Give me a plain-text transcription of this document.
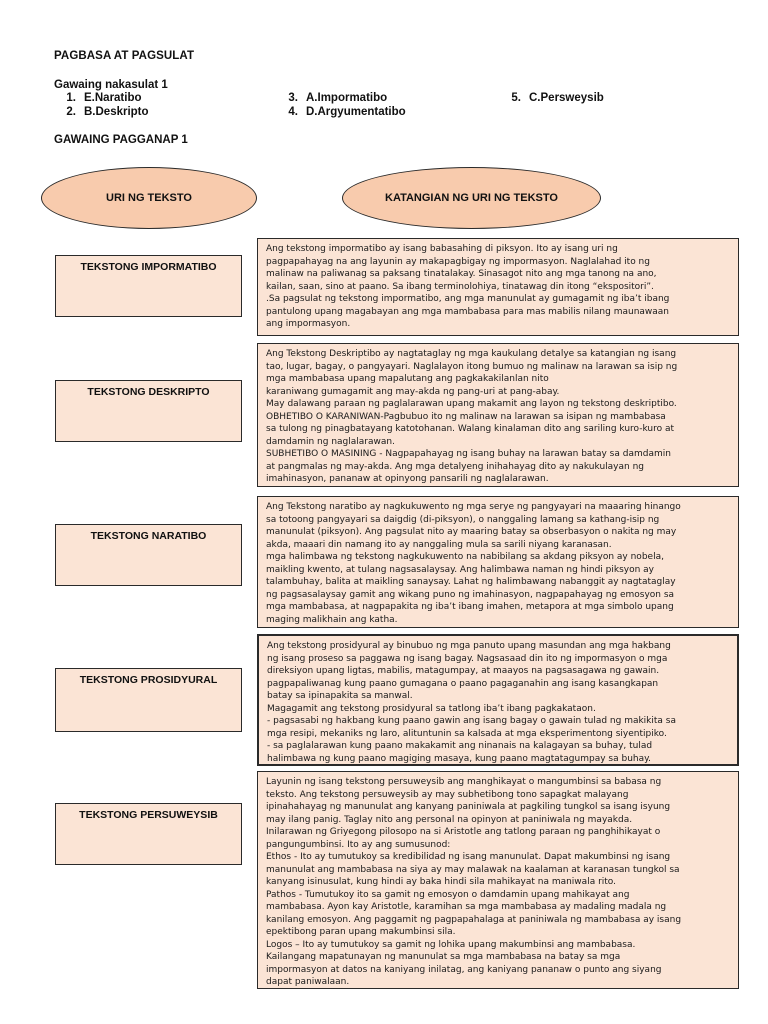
PAGBASA AT PAGSULAT
Gawaing nakasulat 1
1. E.Naratibo
2. B.Deskripto
3. A.Impormatibo
4. D.Argyumentatibo
5. C.Persweysib
GAWAING PAGGANAP 1
URI NG TEKSTO	KATANGIAN NG URI NG TEKSTO
TEKSTONG IMPORMATIBO

Ang tekstong impormatibo ay isang babasahing di piksyon. Ito ay isang uri ng

pagpapahayag na ang layunin ay makapagbigay ng impormasyon. Naglalahad ito ng

malinaw na paliwanag sa paksang tinatalakay. Sinasagot nito ang mga tanong na ano,

kailan, saan, sino at paano. Sa ibang terminolohiya, tinatawag din itong “ekspositori”.

.Sa pagsulat ng tekstong impormatibo, ang mga manunulat ay gumagamit ng iba’t ibang

pantulong upang magabayan ang mga mambabasa para mas mabilis nilang maunawaan

ang impormasyon.

TEKSTONG DESKRIPTO

Ang Tekstong Deskriptibo ay nagtataglay ng mga kaukulang detalye sa katangian ng isang

tao, lugar, bagay, o pangyayari. Naglalayon itong bumuo ng malinaw na larawan sa isip ng

mga mambabasa upang mapalutang ang pagkakakilanlan nito

karaniwang gumagamit ang may-akda ng pang-uri at pang-abay.

May dalawang paraan ng paglalarawan upang makamit ang layon ng tekstong deskriptibo.

OBHETIBO O KARANIWAN-Pagbubuo ito ng malinaw na larawan sa isipan ng mambabasa

sa tulong ng pinagbatayang katotohanan. Walang kinalaman dito ang sariling kuro-kuro at

damdamin ng naglalarawan.

SUBHETIBO O MASINING - Nagpapahayag ng isang buhay na larawan batay sa damdamin

at pangmalas ng may-akda. Ang mga detalyeng inihahayag dito ay nakukulayan ng

imahinasyon, pananaw at opinyong pansarili ng naglalarawan.

TEKSTONG NARATIBO

Ang Tekstong naratibo ay nagkukuwento ng mga serye ng pangyayari na maaaring hinango

sa totoong pangyayari sa daigdig (di-piksyon), o nanggaling lamang sa kathang-isip ng

manunulat (piksyon). Ang pagsulat nito ay maaring batay sa obserbasyon o nakita ng may

akda, maaari din namang ito ay nanggaling mula sa sarili niyang karanasan.

mga halimbawa ng tekstong nagkukuwento na nabibilang sa akdang piksyon ay nobela,

maikling kwento, at tulang nagsasalaysay. Ang halimbawa naman ng hindi piksyon ay

talambuhay, balita at maikling sanaysay. Lahat ng halimbawang nabanggit ay nagtataglay

ng pagsasalaysay gamit ang wikang puno ng imahinasyon, nagpapahayag ng emosyon sa

mga mambabasa, at nagpapakita ng iba’t ibang imahen, metapora at mga simbolo upang

maging malikhain ang katha.

TEKSTONG PROSIDYURAL

Ang tekstong prosidyural ay binubuo ng mga panuto upang masundan ang mga hakbang

ng isang proseso sa paggawa ng isang bagay. Nagsasaad din ito ng impormasyon o mga

direksiyon upang ligtas, mabilis, matagumpay, at maayos na pagsasagawa ng gawain.

pagpapaliwanag kung paano gumagana o paano pagaganahin ang isang kasangkapan

batay sa ipinapakita sa manwal.

Magagamit ang tekstong prosidyural sa tatlong iba’t ibang pagkakataon.

- pagsasabi ng hakbang kung paano gawin ang isang bagay o gawain tulad ng makikita sa

mga resipi, mekaniks ng laro, alituntunin sa kalsada at mga eksperimentong siyentipiko.

- sa paglalarawan kung paano makakamit ang ninanais na kalagayan sa buhay, tulad

halimbawa ng kung paano magiging masaya, kung paano magtatagumpay sa buhay.

TEKSTONG PERSUWEYSIB

Layunin ng isang tekstong persuweysib ang manghikayat o mangumbinsi sa babasa ng

teksto. Ang tekstong persuweysib ay may subhetibong tono sapagkat malayang

ipinahahayag ng manunulat ang kanyang paniniwala at pagkiling tungkol sa isang isyung

may ilang panig. Taglay nito ang personal na opinyon at paniniwala ng mayakda.

Inilarawan ng Griyegong pilosopo na si Aristotle ang tatlong paraan ng panghihikayat o

pangungumbinsi. Ito ay ang sumusunod:

Ethos - Ito ay tumutukoy sa kredibilidad ng isang manunulat. Dapat makumbinsi ng isang

manunulat ang mambabasa na siya ay may malawak na kaalaman at karanasan tungkol sa

kanyang isinusulat, kung hindi ay baka hindi sila mahikayat na maniwala rito.

Pathos - Tumutukoy ito sa gamit ng emosyon o damdamin upang mahikayat ang

mambabasa. Ayon kay Aristotle, karamihan sa mga mambabasa ay madaling madala ng

kanilang emosyon. Ang paggamit ng pagpapahalaga at paniniwala ng mambabasa ay isang

epektibong paran upang makumbinsi sila.

Logos – Ito ay tumutukoy sa gamit ng lohika upang makumbinsi ang mambabasa.

Kailangang mapatunayan ng manunulat sa mga mambabasa na batay sa mga

impormasyon at datos na kaniyang inilatag, ang kaniyang pananaw o punto ang siyang

dapat paniwalaan.
